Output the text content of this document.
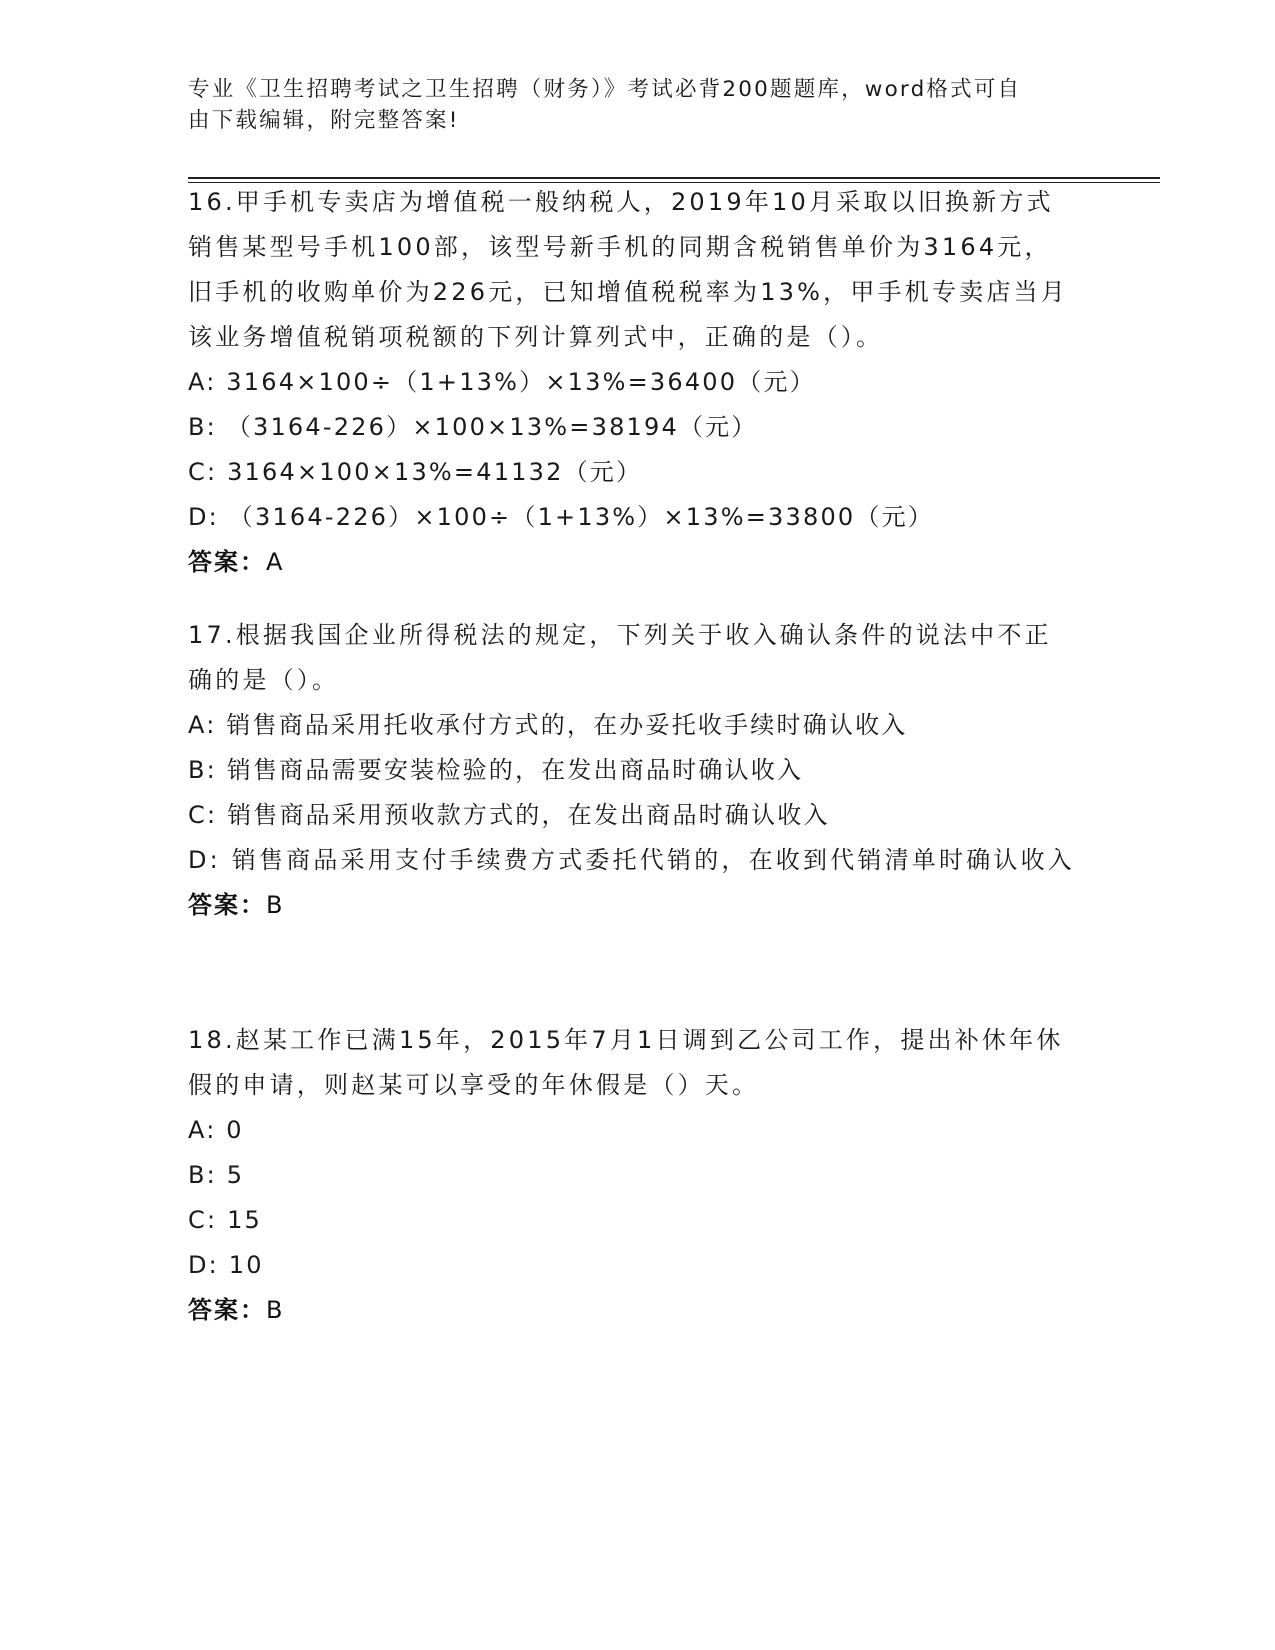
专业《卫生招聘考试之卫生招聘（财务）》考试必背200题题库，word格式可自
由下载编辑，附完整答案!

16.甲手机专卖店为增值税一般纳税人，2019年10月采取以旧换新方式销售某型号手机100部，该型号新手机的同期含税销售单价为3164元，旧手机的收购单价为226元，已知增值税税率为13%，甲手机专卖店当月该业务增值税销项税额的下列计算列式中，正确的是（）。

A: 3164×100÷（1+13%）×13%=36400（元）

B: （3164-226）×100×13%=38194（元）

C: 3164×100×13%=41132（元）

D: （3164-226）×100÷（1+13%）×13%=33800（元）

答案：A

17.根据我国企业所得税法的规定，下列关于收入确认条件的说法中不正确的是（）。

A: 销售商品采用托收承付方式的，在办妥托收手续时确认收入

B: 销售商品需要安装检验的，在发出商品时确认收入

C: 销售商品采用预收款方式的，在发出商品时确认收入

D: 销售商品采用支付手续费方式委托代销的，在收到代销清单时确认收入

答案：B

18.赵某工作已满15年，2015年7月1日调到乙公司工作，提出补休年休假的申请，则赵某可以享受的年休假是（）天。

A: 0

B: 5

C: 15

D: 10

答案：B
